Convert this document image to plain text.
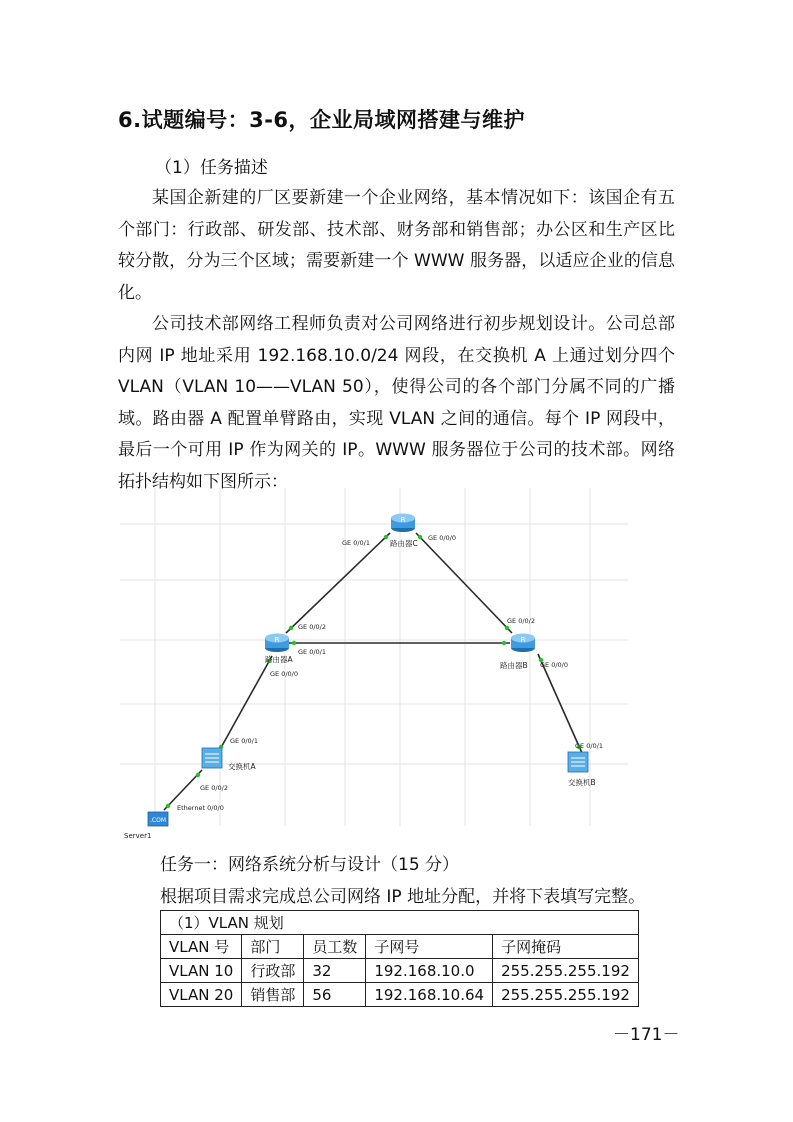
6.试题编号：3-6，企业局域网搭建与维护
（1）任务描述
某国企新建的厂区要新建一个企业网络，基本情况如下：该国企有五个部门：行政部、研发部、技术部、财务部和销售部；办公区和生产区比较分散，分为三个区域；需要新建一个 WWW 服务器，以适应企业的信息化。
公司技术部网络工程师负责对公司网络进行初步规划设计。公司总部内网 IP 地址采用 192.168.10.0/24 网段，在交换机 A 上通过划分四个 VLAN（VLAN 10——VLAN 50），使得公司的各个部门分属不同的广播域。路由器 A 配置单臂路由，实现 VLAN 之间的通信。每个 IP 网段中，最后一个可用 IP 作为网关的 IP。WWW 服务器位于公司的技术部。网络拓扑结构如下图所示：
R
R	R
.COM
路由器C
路由器A
路由器B
交换机A
交换机B
Server1
GE 0/0/1
GE 0/0/0
GE 0/0/2
GE 0/0/1
GE 0/0/0
GE 0/0/2
GE 0/0/0
GE 0/0/1
GE 0/0/2
Ethernet 0/0/0
GE 0/0/1
任务一：网络系统分析与设计（15 分）
根据项目需求完成总公司网络 IP 地址分配，并将下表填写完整。
（1）VLAN 规划				
VLAN 号	部门	员工数	子网号	子网掩码
VLAN 10	行政部	32	192.168.10.0	255.255.255.192
VLAN 20	销售部	56	192.168.10.64	255.255.255.192
－171－
